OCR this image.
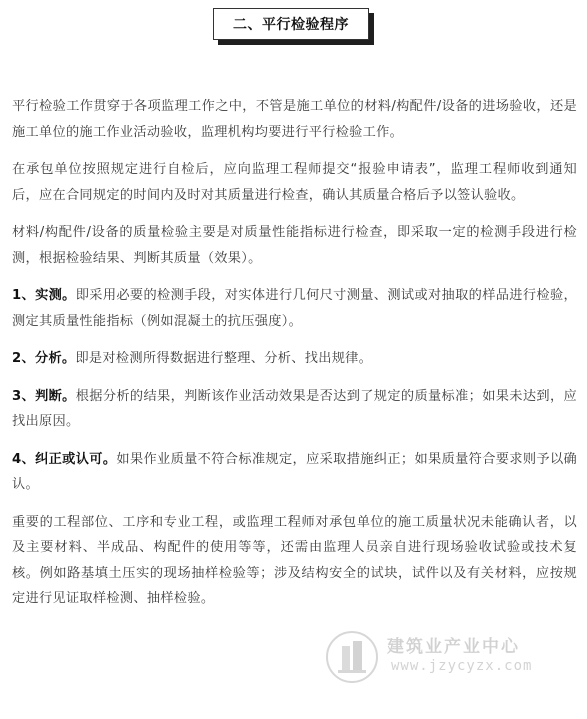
二、平行检验程序

平行检验工作贯穿于各项监理工作之中，不管是施工单位的材料/构配件/设备的进场验收，还是施工单位的施工作业活动验收，监理机构均要进行平行检验工作。

在承包单位按照规定进行自检后，应向监理工程师提交“报验申请表”，监理工程师收到通知后，应在合同规定的时间内及时对其质量进行检查，确认其质量合格后予以签认验收。

材料/构配件/设备的质量检验主要是对质量性能指标进行检查，即采取一定的检测手段进行检测，根据检验结果、判断其质量（效果）。

1、实测。即采用必要的检测手段，对实体进行几何尺寸测量、测试或对抽取的样品进行检验，测定其质量性能指标（例如混凝土的抗压强度）。

2、分析。即是对检测所得数据进行整理、分析、找出规律。

3、判断。根据分析的结果，判断该作业活动效果是否达到了规定的质量标准；如果未达到，应找出原因。

4、纠正或认可。如果作业质量不符合标准规定，应采取措施纠正；如果质量符合要求则予以确认。

重要的工程部位、工序和专业工程，或监理工程师对承包单位的施工质量状况未能确认者，以及主要材料、半成品、构配件的使用等等，还需由监理人员亲自进行现场验收试验或技术复核。例如路基填土压实的现场抽样检验等；涉及结构安全的试块，试件以及有关材料，应按规定进行见证取样检测、抽样检验。

建筑业产业中心
www.jzycyzx.com
